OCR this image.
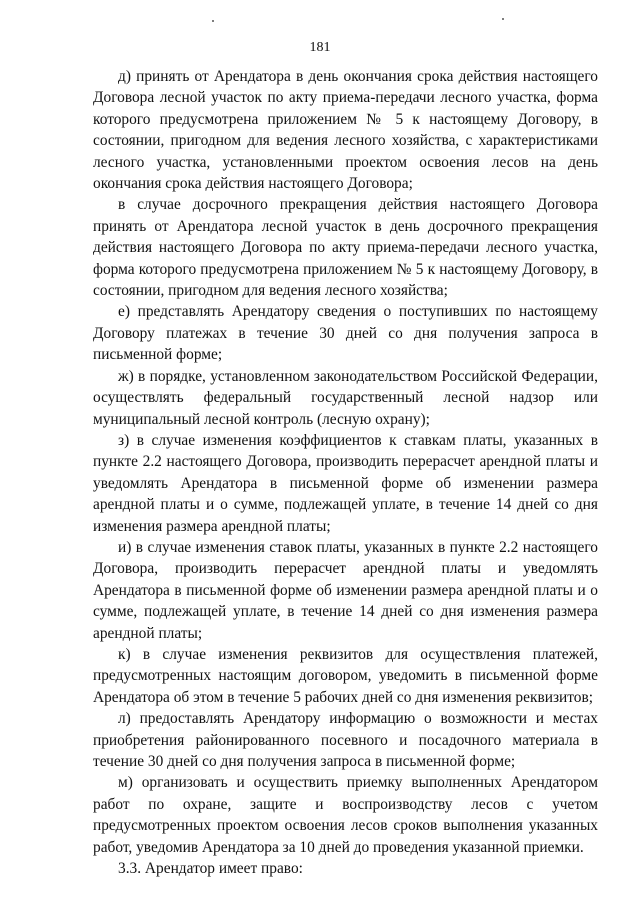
181

д) принять от Арендатора в день окончания срока действия настоящего Договора лесной участок по акту приема-передачи лесного участка, форма которого предусмотрена приложением № 5 к настоящему Договору, в состоянии, пригодном для ведения лесного хозяйства, с характеристиками лесного участка, установленными проектом освоения лесов на день окончания срока действия настоящего Договора;

в случае досрочного прекращения действия настоящего Договора принять от Арендатора лесной участок в день досрочного прекращения действия настоящего Договора по акту приема-передачи лесного участка, форма которого предусмотрена приложением № 5 к настоящему Договору, в состоянии, пригодном для ведения лесного хозяйства;

е) представлять Арендатору сведения о поступивших по настоящему Договору платежах в течение 30 дней со дня получения запроса в письменной форме;

ж) в порядке, установленном законодательством Российской Федерации, осуществлять федеральный государственный лесной надзор или муниципальный лесной контроль (лесную охрану);

з) в случае изменения коэффициентов к ставкам платы, указанных в пункте 2.2 настоящего Договора, производить перерасчет арендной платы и уведомлять Арендатора в письменной форме об изменении размера арендной платы и о сумме, подлежащей уплате, в течение 14 дней со дня изменения размера арендной платы;

и) в случае изменения ставок платы, указанных в пункте 2.2 настоящего Договора, производить перерасчет арендной платы и уведомлять Арендатора в письменной форме об изменении размера арендной платы и о сумме, подлежащей уплате, в течение 14 дней со дня изменения размера арендной платы;

к) в случае изменения реквизитов для осуществления платежей, предусмотренных настоящим договором, уведомить в письменной форме Арендатора об этом в течение 5 рабочих дней со дня изменения реквизитов;

л) предоставлять Арендатору информацию о возможности и местах приобретения районированного посевного и посадочного материала в течение 30 дней со дня получения запроса в письменной форме;

м) организовать и осуществить приемку выполненных Арендатором работ по охране, защите и воспроизводству лесов с учетом предусмотренных проектом освоения лесов сроков выполнения указанных работ, уведомив Арендатора за 10 дней до проведения указанной приемки.

3.3. Арендатор имеет право:
